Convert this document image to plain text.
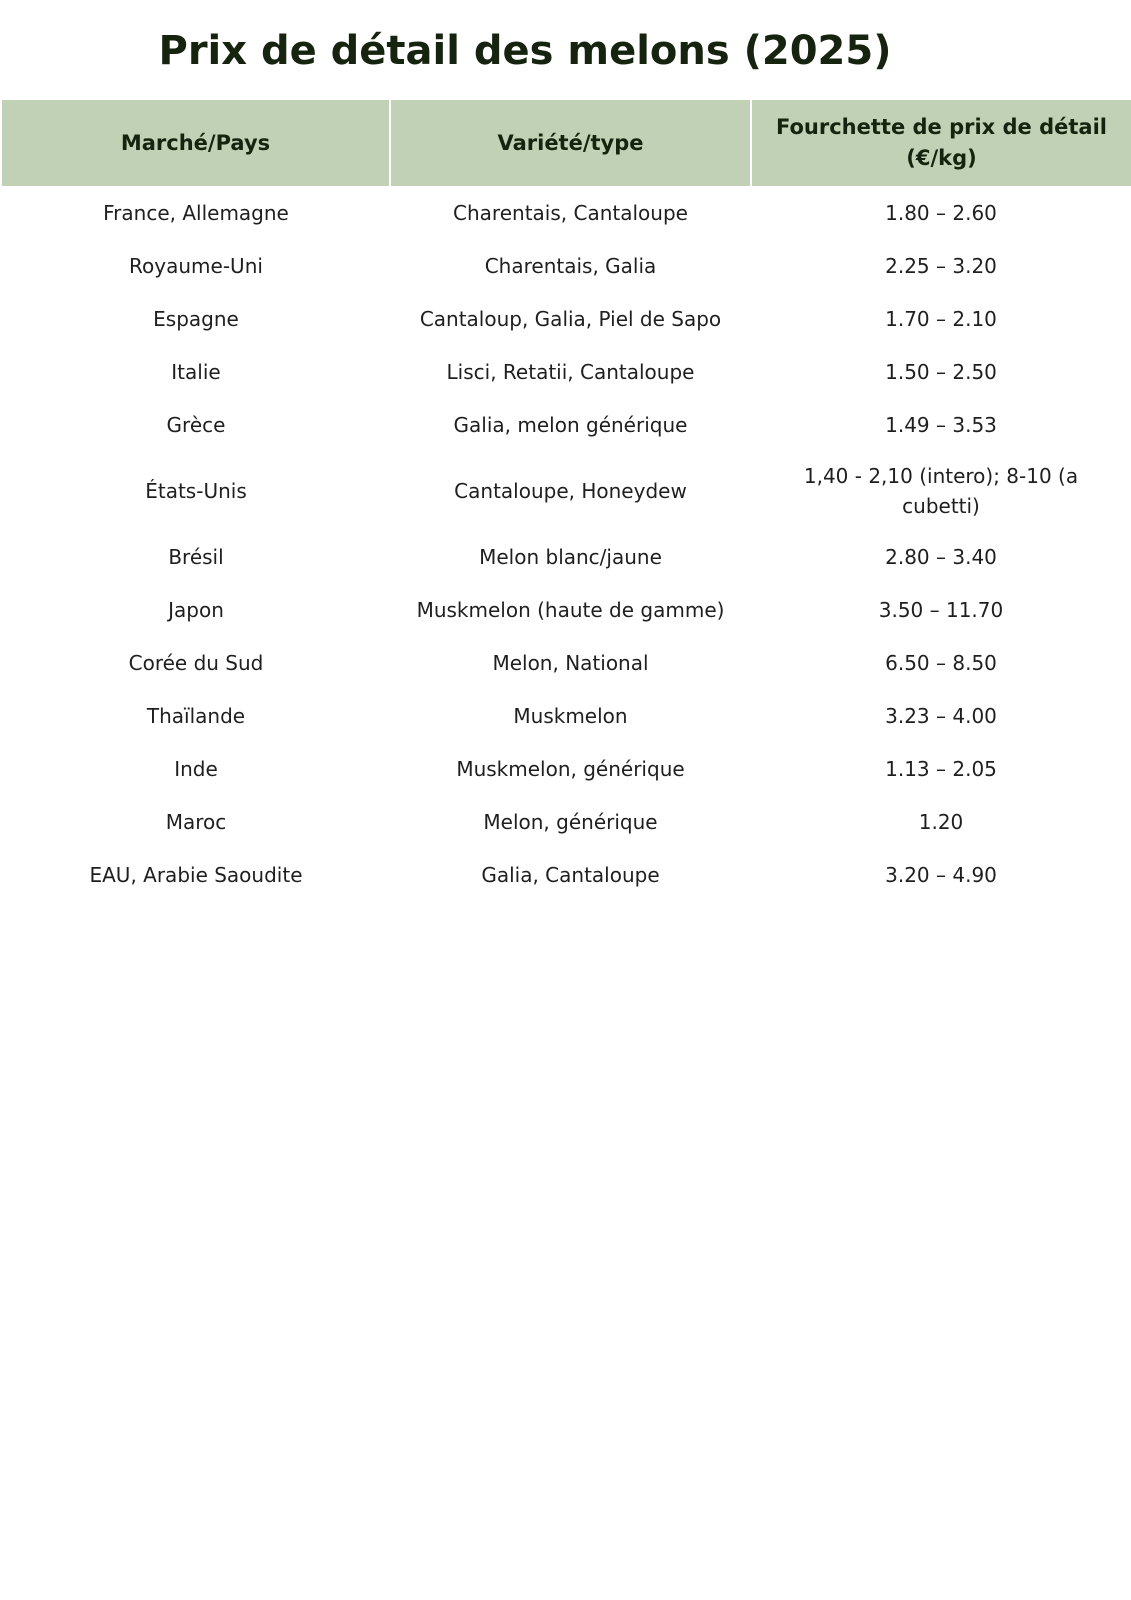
Prix de détail des melons (2025)
Marché/Pays	Variété/type	Fourchette de prix de détail (€/kg)
France, Allemagne	Charentais, Cantaloupe	1.80 – 2.60
Royaume-Uni	Charentais, Galia	2.25 – 3.20
Espagne	Cantaloup, Galia, Piel de Sapo	1.70 – 2.10
Italie	Lisci, Retatii, Cantaloupe	1.50 – 2.50
Grèce	Galia, melon générique	1.49 – 3.53
États-Unis	Cantaloupe, Honeydew	1,40 - 2,10 (intero); 8-10 (a cubetti)
Brésil	Melon blanc/jaune	2.80 – 3.40
Japon	Muskmelon (haute de gamme)	3.50 – 11.70
Corée du Sud	Melon, National	6.50 – 8.50
Thaïlande	Muskmelon	3.23 – 4.00
Inde	Muskmelon, générique	1.13 – 2.05
Maroc	Melon, générique	1.20
EAU, Arabie Saoudite	Galia, Cantaloupe	3.20 – 4.90
